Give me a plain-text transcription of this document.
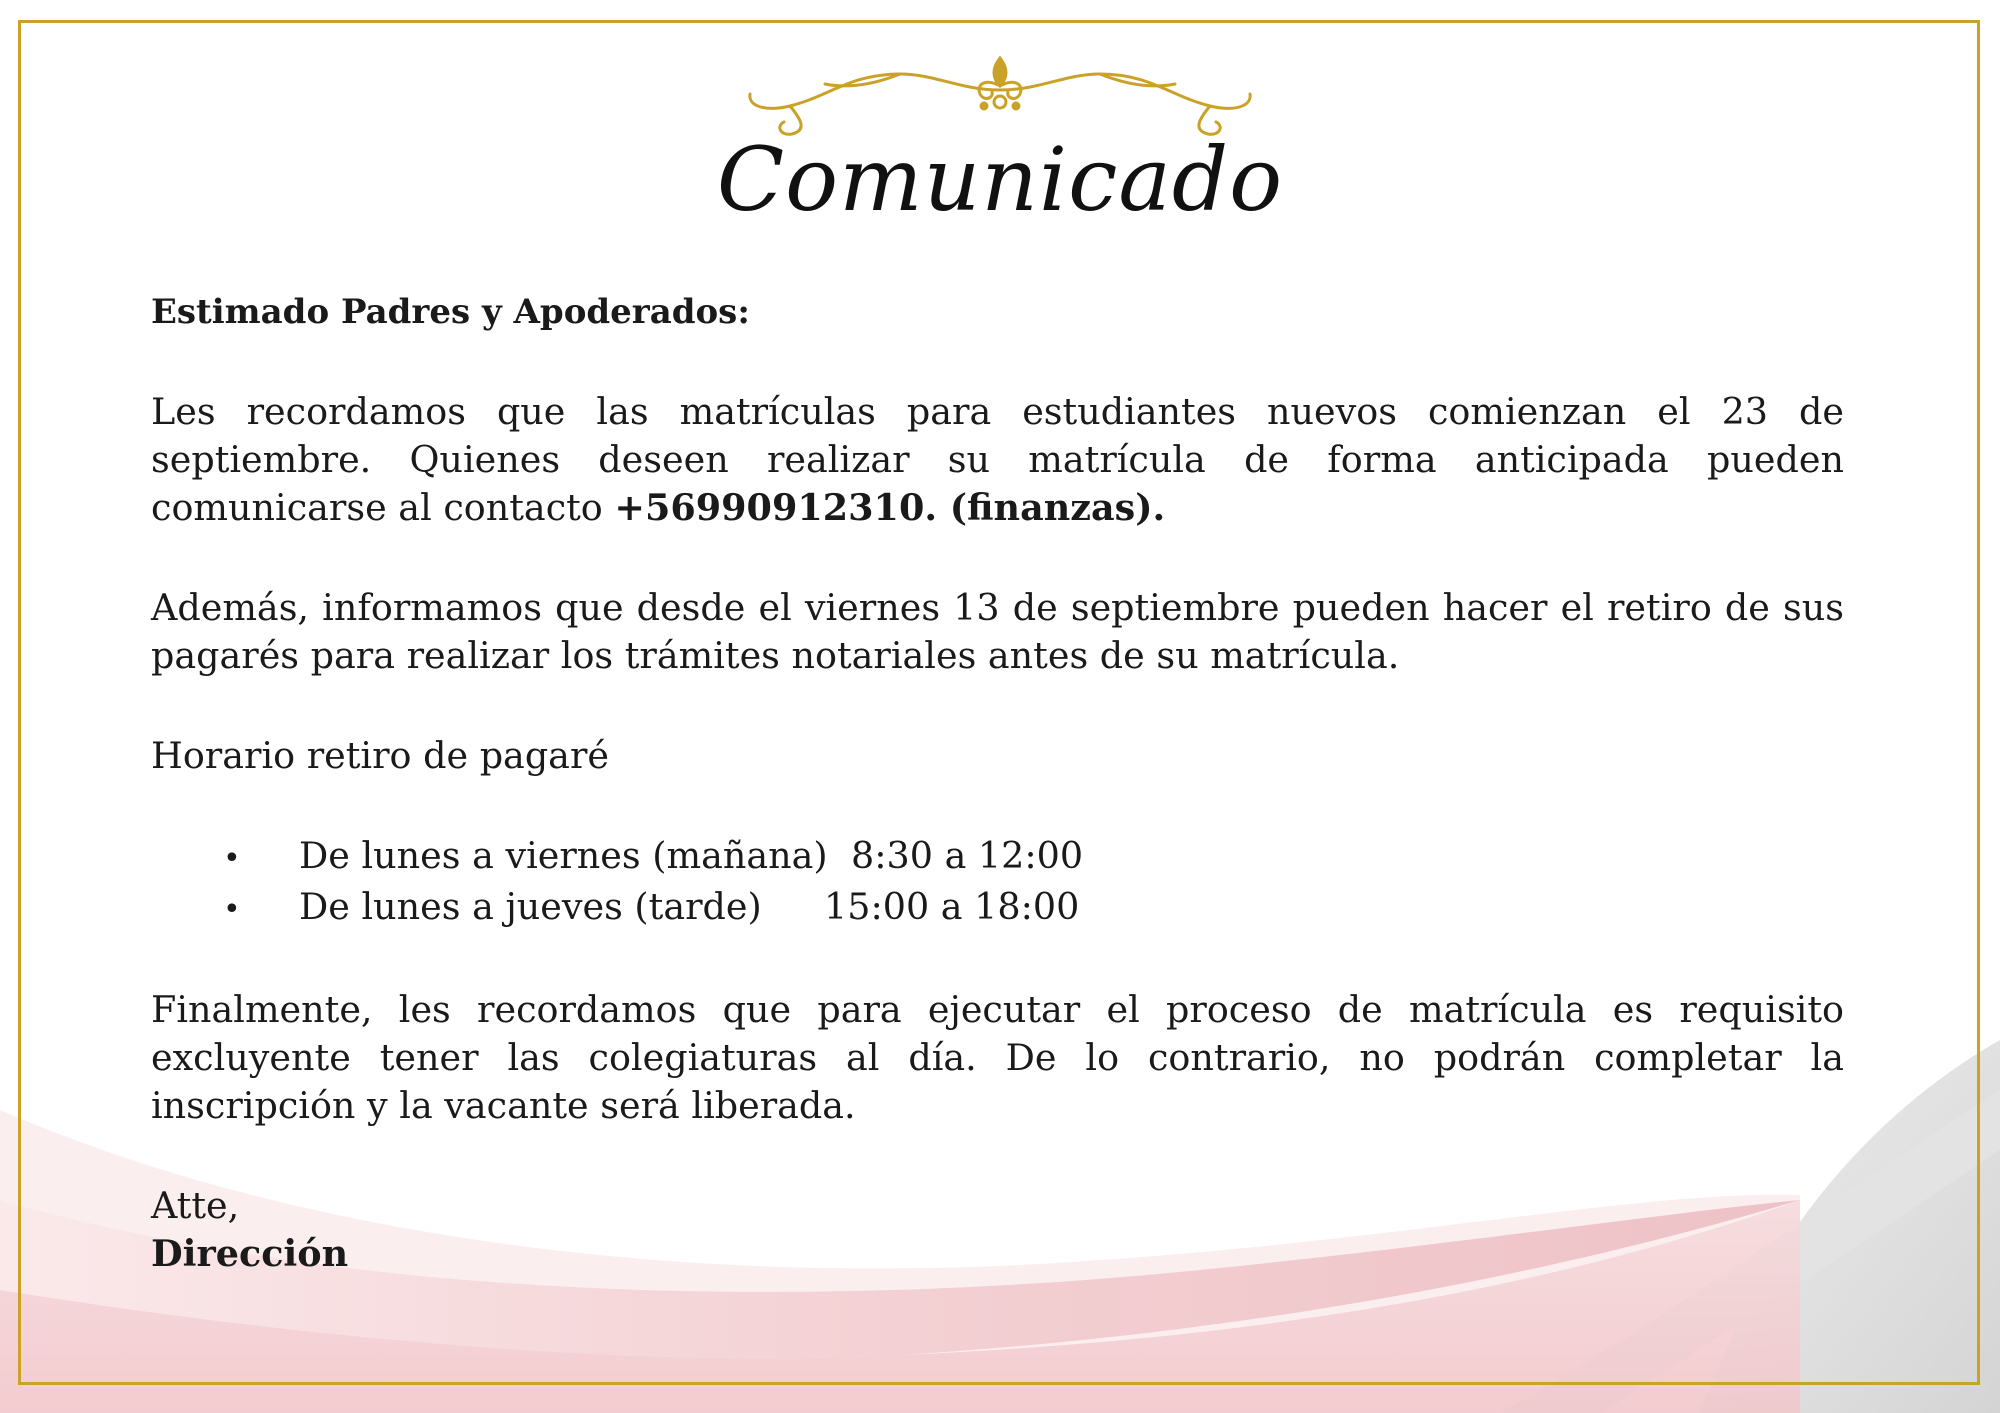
Comunicado

Estimado Padres y Apoderados:

Les recordamos que las matrículas para estudiantes nuevos comienzan el 23 de septiembre. Quienes deseen realizar su matrícula de forma anticipada pueden comunicarse al contacto +56990912310. (finanzas).

Además, informamos que desde el viernes 13 de septiembre pueden hacer el retiro de sus pagarés para realizar los trámites notariales antes de su matrícula.

Horario retiro de pagaré

•	De lunes a viernes (mañana) 8:30 a 12:00
•	De lunes a jueves (tarde)	15:00 a 18:00

Finalmente, les recordamos que para ejecutar el proceso de matrícula es requisito excluyente tener las colegiaturas al día. De lo contrario, no podrán completar la inscripción y la vacante será liberada.

Atte,

Dirección
